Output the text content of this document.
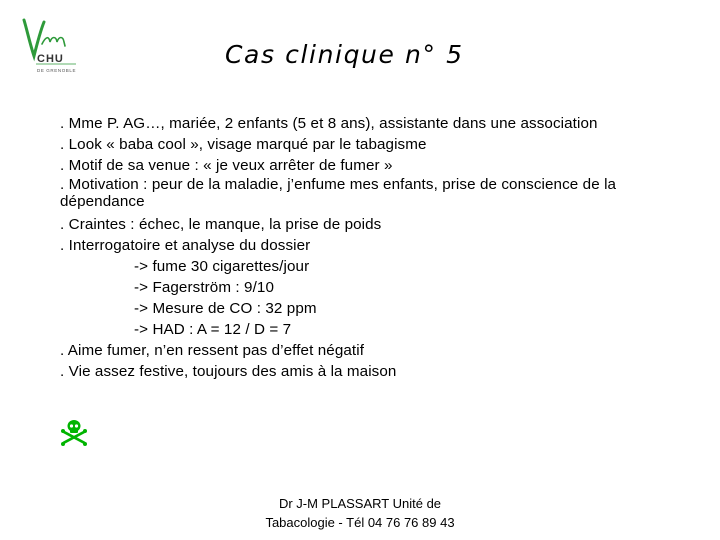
CHU
DE GRENOBLE
Cas clinique n° 5
. Mme P. AG…, mariée, 2 enfants (5 et 8 ans), assistante dans une association
. Look « baba cool », visage marqué par le tabagisme
. Motif de sa venue : « je veux arrêter de fumer »
. Motivation : peur de la maladie, j’enfume mes enfants, prise de conscience de la dépendance
. Craintes : échec, le manque, la prise de poids
. Interrogatoire et analyse du dossier
-> fume 30 cigarettes/jour
-> Fagerström : 9/10
-> Mesure de CO : 32 ppm
-> HAD : A = 12 / D = 7
. Aime fumer, n’en ressent pas d’effet négatif
. Vie assez festive, toujours des amis à la maison
Dr J-M PLASSART Unité de
Tabacologie - Tél 04 76 76 89 43
